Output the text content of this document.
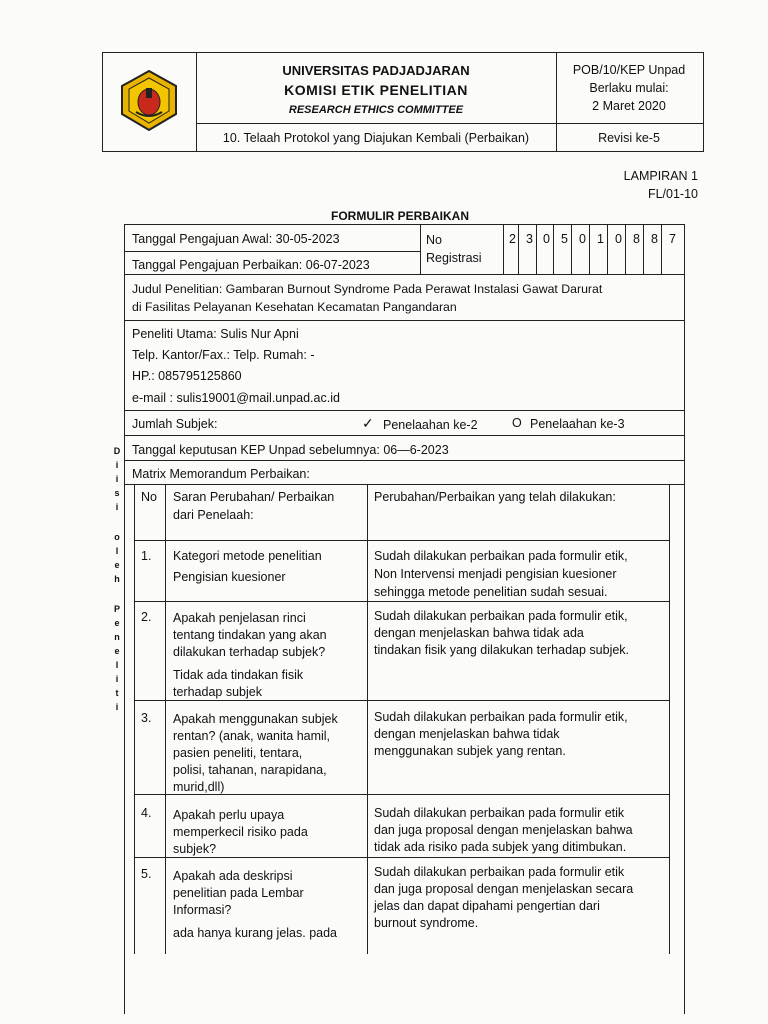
UNIVERSITAS PADJADJARAN
KOMISI ETIK PENELITIAN
RESEARCH ETHICS COMMITTEE
10. Telaah Protokol yang Diajukan Kembali (Perbaikan)
POB/10/KEP Unpad
Berlaku mulai:
2 Maret 2020
Revisi ke-5
LAMPIRAN 1
FL/01-10
FORMULIR PERBAIKAN
Tanggal Pengajuan Awal: 30-05-2023
Tanggal Pengajuan Perbaikan: 06-07-2023
No
Registrasi
2 3 0 5 0 1 0 8 8 7
Judul Penelitian: Gambaran Burnout Syndrome Pada Perawat Instalasi Gawat Darurat
di Fasilitas Pelayanan Kesehatan Kecamatan Pangandaran
Peneliti Utama: Sulis Nur Apni
Telp. Kantor/Fax.: Telp. Rumah: -
HP.: 085795125860
e-mail : sulis19001@mail.unpad.ac.id
Jumlah Subjek:	✓ Penelaahan ke-2	O Penelaahan ke-3
Tanggal keputusan KEP Unpad sebelumnya: 06—6-2023
Matrix Memorandum Perbaikan:
D
i
i
s
i
o
l
e
h
P
e
n
e
l
i
t
i
No Saran Perubahan/ Perbaikan
dari Penelaah:
Perubahan/Perbaikan yang telah dilakukan:
1. Kategori metode penelitian
Pengisian kuesioner
Sudah dilakukan perbaikan pada formulir etik,
Non Intervensi menjadi pengisian kuesioner
sehingga metode penelitian sudah sesuai.
2. Apakah penjelasan rinci
tentang tindakan yang akan
dilakukan terhadap subjek?
Tidak ada tindakan fisik
terhadap subjek
Sudah dilakukan perbaikan pada formulir etik,
dengan menjelaskan bahwa tidak ada
tindakan fisik yang dilakukan terhadap subjek.
3. Apakah menggunakan subjek
rentan? (anak, wanita hamil,
pasien peneliti, tentara,
polisi, tahanan, narapidana,
murid,dll)
Sudah dilakukan perbaikan pada formulir etik,
dengan menjelaskan bahwa tidak
menggunakan subjek yang rentan.
4. Apakah perlu upaya
memperkecil risiko pada
subjek?
Sudah dilakukan perbaikan pada formulir etik
dan juga proposal dengan menjelaskan bahwa
tidak ada risiko pada subjek yang ditimbukan.
5. Apakah ada deskripsi
penelitian pada Lembar
Informasi?
ada hanya kurang jelas. pada
Sudah dilakukan perbaikan pada formulir etik
dan juga proposal dengan menjelaskan secara
jelas dan dapat dipahami pengertian dari
burnout syndrome.
